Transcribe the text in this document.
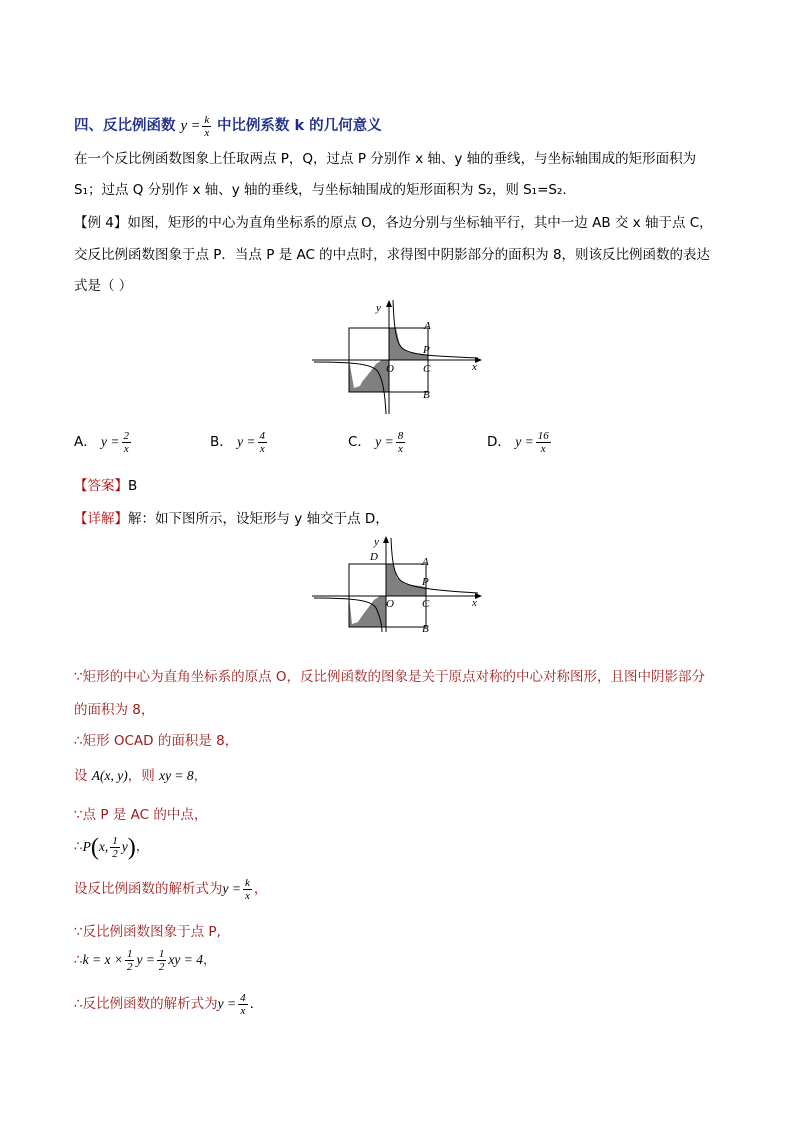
四、反比例函数 $y = \frac{k}{x}$ 中比例系数 k 的几何意义
在一个反比例函数图象上任取两点 P，Q，过点 P 分别作 x 轴、y 轴的垂线，与坐标轴围成的矩形面积为
S₁；过点 Q 分别作 x 轴、y 轴的垂线，与坐标轴围成的矩形面积为 S₂，则 S₁=S₂.
【例 4】如图，矩形的中心为直角坐标系的原点 O，各边分别与坐标轴平行，其中一边 AB 交 x 轴于点 C，
交反比例函数图象于点 P．当点 P 是 AC 的中点时，求得图中阴影部分的面积为 8，则该反比例函数的表达
式是（ ）
y
x
O
A
P
C
B
A． $y = \frac{2}{x}$	B． $y = \frac{4}{x}$	C． $y = \frac{8}{x}$	D． $y = \frac{16}{x}$
【答案】B
【详解】解：如下图所示，设矩形与 y 轴交于点 D，
y
D
x
O
A
P
C
B
∵矩形的中心为直角坐标系的原点 O，反比例函数的图象是关于原点对称的中心对称图形，且图中阴影部分
的面积为 8，
∴矩形 OCAD 的面积是 8，
设 A(x, y)，则 xy = 8，
∵点 P 是 AC 的中点，
∴P(x, $\frac{1}{2} y$)，
设反比例函数的解析式为$y = \frac{k}{x}$ ，
∵反比例函数图象于点 P,
∴k = $x \times \frac{1}{2}$ $y = \frac{1}{2}$ xy = 4，
∴反比例函数的解析式为$y = \frac{4}{x}$ .
